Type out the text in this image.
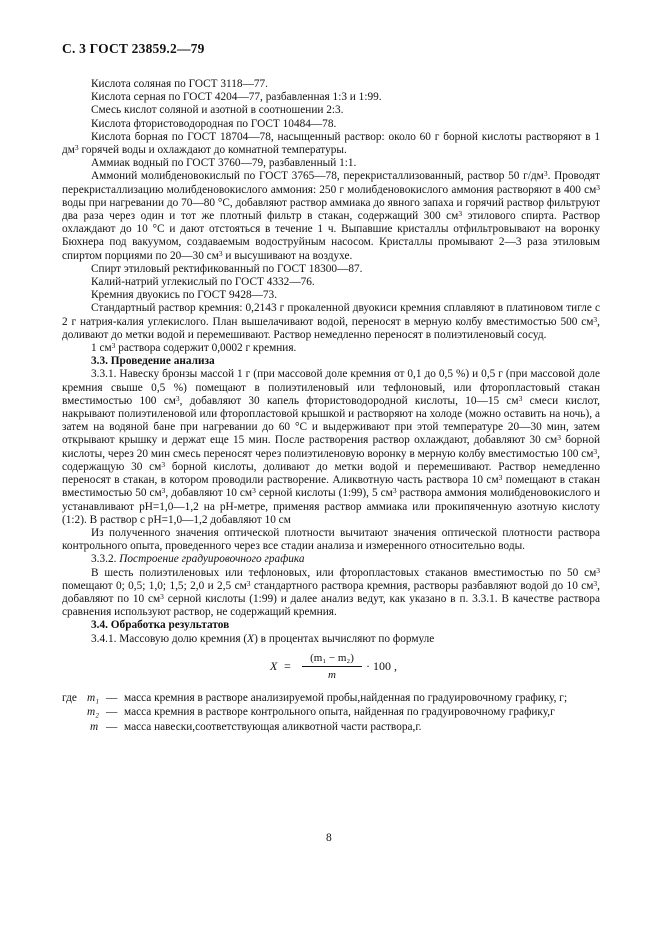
С. 3 ГОСТ 23859.2—79

Кислота соляная по ГОСТ 3118—77.

Кислота серная по ГОСТ 4204—77, разбавленная 1:3 и 1:99.

Смесь кислот соляной и азотной в соотношении 2:3.

Кислота фтористоводородная по ГОСТ 10484—78.

Кислота борная по ГОСТ 18704—78, насыщенный раствор: около 60 г борной кислоты растворяют в 1 $дм^3$ горячей воды и охлаждают до комнатной температуры.

Аммиак водный по ГОСТ 3760—79, разбавленный 1:1.

Аммоний молибденовокислый по ГОСТ 3765—78, перекристаллизованный, раствор 50 $г/дм^3$. Проводят перекристаллизацию молибденовокислого аммония: 250 г молибденовокислого аммония растворяют в 400 $см^3$ воды при нагревании до 70—80 °С, добавляют раствор аммиака до явного запаха и горячий раствор фильтруют два раза через один и тот же плотный фильтр в стакан, содержащий 300 $см^3$ этилового спирта. Раствор охлаждают до 10 °С и дают отстояться в течение 1 ч. Выпавшие кристаллы отфильтровывают на воронку Бюхнера под вакуумом, создаваемым водоструйным насосом. Кристаллы промывают 2—3 раза этиловым спиртом порциями по 20—30 $см^3$ и высушивают на воздухе.

Спирт этиловый ректификованный по ГОСТ 18300—87.

Калий-натрий углекислый по ГОСТ 4332—76.

Кремния двуокись по ГОСТ 9428—73.

Стандартный раствор кремния: 0,2143 г прокаленной двуокиси кремния сплавляют в платиновом тигле с 2 г натрия-калия углекислого. План вышелачивают водой, переносят в мерную колбу вместимостью 500 $см^3$, доливают до метки водой и перемешивают. Раствор немедленно переносят в полиэтиленовый сосуд.

1 $см^3$ раствора содержит 0,0002 г кремния.

3.3. Проведение анализа

3.3.1. Навеску бронзы массой 1 г (при массовой доле кремния от 0,1 до 0,5 %) и 0,5 г (при массовой доле кремния свыше 0,5 %) помещают в полиэтиленовый или тефлоновый, или фторопластовый стакан вместимостью 100 $см^3$, добавляют 30 капель фтористоводородной кислоты, 10—15 $см^3$ смеси кислот, накрывают полиэтиленовой или фторопластовой крышкой и растворяют на холоде (можно оставить на ночь), а затем на водяной бане при нагревании до 60 °С и выдерживают при этой температуре 20—30 мин, затем открывают крышку и держат еще 15 мин. После растворения раствор охлаждают, добавляют 30 $см^3$ борной кислоты, через 20 мин смесь переносят через полиэтиленовую воронку в мерную колбу вместимостью 100 $см^3$, содержащую 30 $см^3$ борной кислоты, доливают до метки водой и перемешивают. Раствор немедленно переносят в стакан, в котором проводили растворение. Аликвотную часть раствора 10 $см^3$ помещают в стакан вместимостью 50 $см^3$, добавляют 10 $см^3$ серной кислоты (1:99), 5 $см^3$ раствора аммония молибденовокислого и устанавливают рН=1,0—1,2 на рН-метре, применяя раствор аммиака или прокипяченную азотную кислоту (1:2). В раствор с рН=1,0—1,2 добавляют 10 см

Из полученного значения оптической плотности вычитают значения оптической плотности раствора контрольного опыта, проведенного через все стадии анализа и измеренного относительно воды.

3.3.2. Построение градуировочного графика

В шесть полиэтиленовых или тефлоновых, или фторопластовых стаканов вместимостью по 50 $см^3$ помещают 0; 0,5; 1,0; 1,5; 2,0 и 2,5 $см^3$ стандартного раствора кремния, растворы разбавляют водой до 10 $см^3$, добавляют по 10 $см^3$ серной кислоты (1:99) и далее анализ ведут, как указано в п. 3.3.1. В качестве раствора сравнения используют раствор, не содержащий кремния.

3.4. Обработка результатов

3.4.1. Массовую долю кремния (X) в процентах вычисляют по формуле

$X = \frac{\text{(m₁ − m₂)}}{m} \cdot 100$ ,
где m₁ — масса кремния в растворе анализируемой пробы,найденная по градуировочному графику, г;
m₂ — масса кремния в растворе контрольного опыта, найденная по градуировочному графику,г
m — масса навески,соответствующая аликвотной части раствора,г.
8
